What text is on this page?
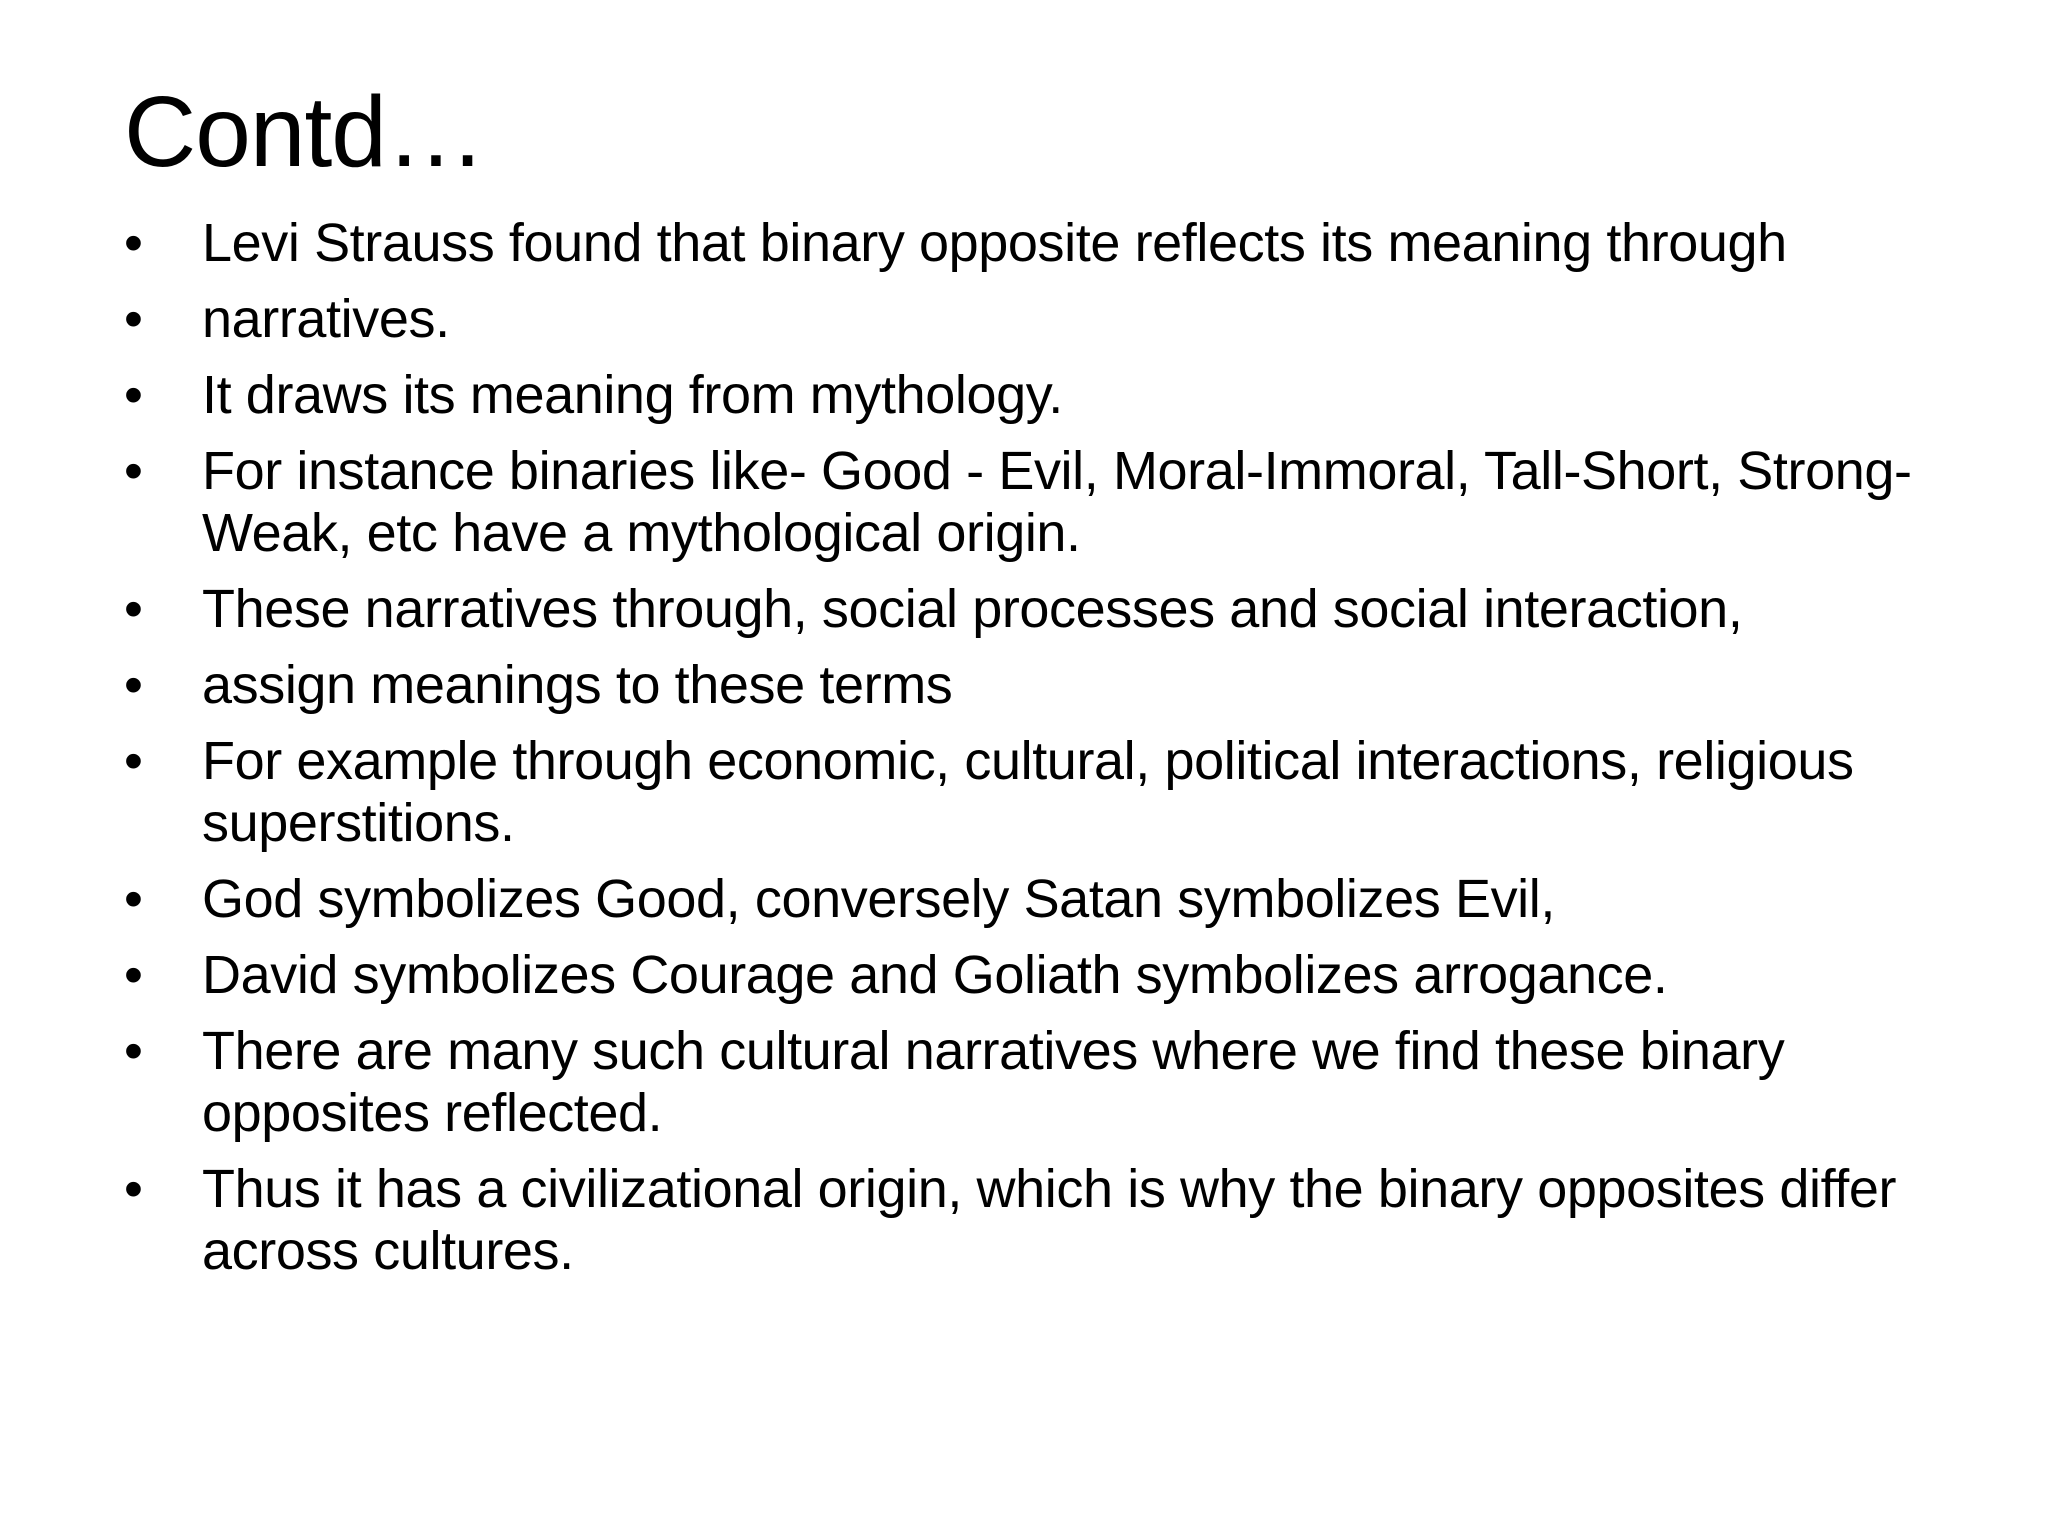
Contd…
•	Levi Strauss found that binary opposite reflects its meaning through
•	narratives.
•	It draws its meaning from mythology.
•	For instance binaries like- Good - Evil, Moral-Immoral, Tall-Short, Strong-Weak, etc have a mythological origin.
•	These narratives through, social processes and social interaction,
•	assign meanings to these terms
•	For example through economic, cultural, political interactions, religious superstitions.
•	God symbolizes Good, conversely Satan symbolizes Evil,
•	David symbolizes Courage and Goliath symbolizes arrogance.
•	There are many such cultural narratives where we find these binary opposites reflected.
•	Thus it has a civilizational origin, which is why the binary opposites differ across cultures.
